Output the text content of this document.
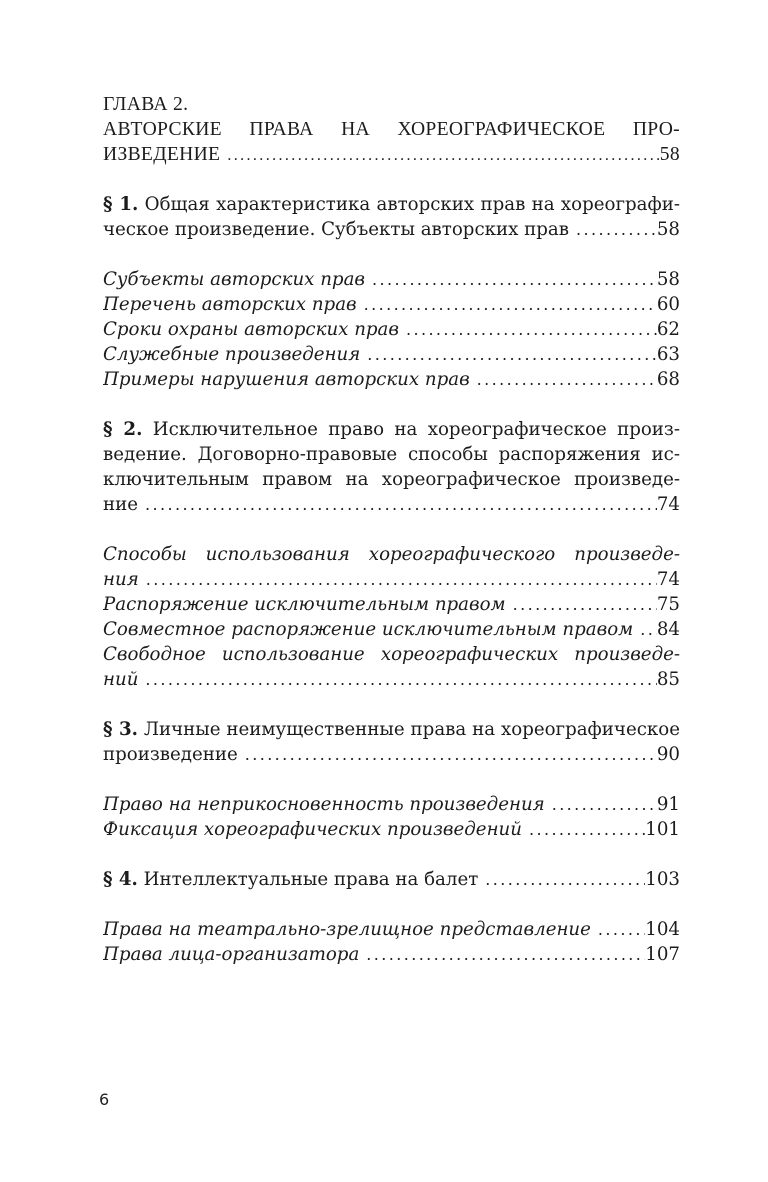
ГЛАВА 2.
АВТОРСКИЕ ПРАВА НА ХОРЕОГРАФИЧЕСКОЕ ПРО-
ИЗВЕДЕНИЕ .....	58
§ 1. Общая характеристика авторских прав на хореографи-
ческое произведение. Субъекты авторских прав .....	58
Субъекты авторских прав .....	58
Перечень авторских прав .....	60
Сроки охраны авторских прав .....	62
Служебные произведения .....	63
Примеры нарушения авторских прав .....	68
§ 2. Исключительное право на хореографическое произ-
ведение. Договорно-правовые способы распоряжения ис-
ключительным правом на хореографическое произведе-
ние .....	74
Способы использования хореографического произведе-
ния .....	74
Распоряжение исключительным правом .....	75
Совместное распоряжение исключительным правом ..... 84
Свободное использование хореографических произведе-
ний .....	85
§ 3. Личные неимущественные права на хореографическое
произведение .....	90
Право на неприкосновенность произведения .....	91
Фиксация хореографических произведений .....	101
§ 4. Интеллектуальные права на балет .....	103
Права на театрально-зрелищное представление .....	104
Права лица-организатора .....	107
6
